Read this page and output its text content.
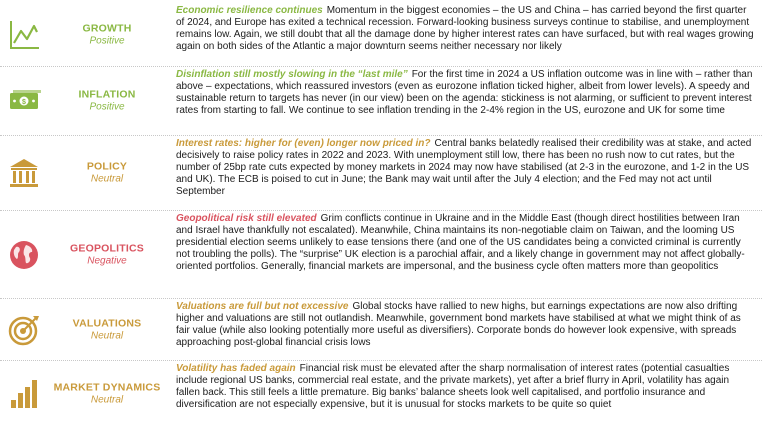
GROWTH
Positive
Economic resilience continues Momentum in the biggest economies – the US and China – has carried beyond the first quarter of 2024, and Europe has exited a technical recession. Forward-looking business surveys continue to stabilise, and unemployment remains low. Again, we still doubt that all the damage done by higher interest rates can have surfaced, but with real wages growing again on both sides of the Atlantic a major downturn seems neither necessary nor likely
$
INFLATION
Positive
Disinflation still mostly slowing in the “last mile” For the first time in 2024 a US inflation outcome was in line with – rather than above – expectations, which reassured investors (even as eurozone inflation ticked higher, albeit from lower levels). A speedy and sustainable return to targets has never (in our view) been on the agenda: stickiness is not alarming, or sufficient to prevent interest rates from starting to fall. We continue to see inflation trending in the 2-4% region in the US, eurozone and UK for some time
POLICY
Neutral
Interest rates: higher for (even) longer now priced in? Central banks belatedly realised their credibility was at stake, and acted decisively to raise policy rates in 2022 and 2023. With unemployment still low, there has been no rush now to cut rates, but the number of 25bp rate cuts expected by money markets in 2024 may now have stabilised (at 2-3 in the eurozone, and 1-2 in the US and UK). The ECB is poised to cut in June; the Bank may wait until after the July 4 election; and the Fed may not act until September
GEOPOLITICS
Negative
Geopolitical risk still elevated Grim conflicts continue in Ukraine and in the Middle East (though direct hostilities between Iran and Israel have thankfully not escalated). Meanwhile, China maintains its non-negotiable claim on Taiwan, and the looming US presidential election seems unlikely to ease tensions there (and one of the US candidates being a convicted criminal is currently not troubling the polls). The “surprise” UK election is a parochial affair, and a likely change in government may not affect globally-oriented portfolios. Generally, financial markets are impersonal, and the business cycle often matters more than geopolitics
VALUATIONS
Neutral
Valuations are full but not excessive Global stocks have rallied to new highs, but earnings expectations are now also drifting higher and valuations are still not outlandish. Meanwhile, government bond markets have stabilised at what we might think of as fair value (while also looking potentially more useful as diversifiers). Corporate bonds do however look expensive, with spreads approaching post-global financial crisis lows
MARKET DYNAMICS
Neutral
Volatility has faded again Financial risk must be elevated after the sharp normalisation of interest rates (potential casualties include regional US banks, commercial real estate, and the private markets), yet after a brief flurry in April, volatility has again fallen back. This still feels a little premature. Big banks’ balance sheets look well capitalised, and portfolio insurance and diversification are not especially expensive, but it is unusual for stocks markets to be quite so quiet
